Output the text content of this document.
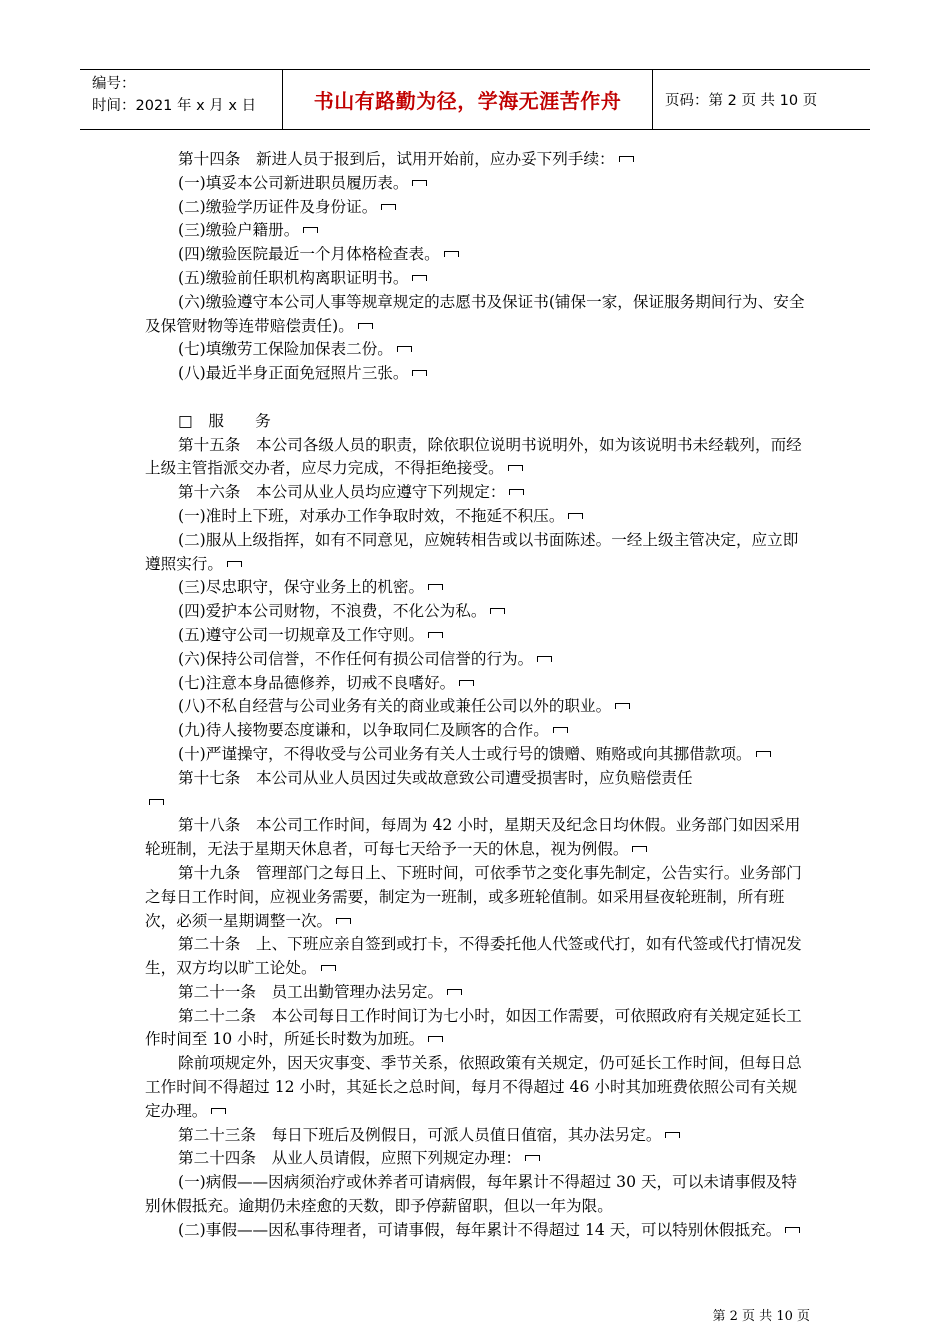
编号：
时间：2021 年 x 月 x 日	书山有路勤为径，学海无涯苦作舟	页码：第 2 页 共 10 页

第十四条　新进人员于报到后，试用开始前，应办妥下列手续：

(一)填妥本公司新进职员履历表。

(二)缴验学历证件及身份证。

(三)缴验户籍册。

(四)缴验医院最近一个月体格检查表。

(五)缴验前任职机构离职证明书。

(六)缴验遵守本公司人事等规章规定的志愿书及保证书(铺保一家，保证服务期间行为、安全及保管财物等连带赔偿责任)。

(七)填缴劳工保险加保表二份。

(八)最近半身正面免冠照片三张。

□　服　　务

第十五条　本公司各级人员的职责，除依职位说明书说明外，如为该说明书未经载列，而经上级主管指派交办者，应尽力完成，不得拒绝接受。

第十六条　本公司从业人员均应遵守下列规定：

(一)准时上下班，对承办工作争取时效，不拖延不积压。

(二)服从上级指挥，如有不同意见，应婉转相告或以书面陈述。一经上级主管决定，应立即遵照实行。

(三)尽忠职守，保守业务上的机密。

(四)爱护本公司财物，不浪费，不化公为私。

(五)遵守公司一切规章及工作守则。

(六)保持公司信誉，不作任何有损公司信誉的行为。

(七)注意本身品德修养，切戒不良嗜好。

(八)不私自经营与公司业务有关的商业或兼任公司以外的职业。

(九)待人接物要态度谦和，以争取同仁及顾客的合作。

(十)严谨操守，不得收受与公司业务有关人士或行号的馈赠、贿赂或向其挪借款项。

第十七条　本公司从业人员因过失或故意致公司遭受损害时，应负赔偿责任

第十八条　本公司工作时间，每周为 42 小时，星期天及纪念日均休假。业务部门如因采用轮班制，无法于星期天休息者，可每七天给予一天的休息，视为例假。

第十九条　管理部门之每日上、下班时间，可依季节之变化事先制定，公告实行。业务部门之每日工作时间，应视业务需要，制定为一班制，或多班轮值制。如采用昼夜轮班制，所有班次，必须一星期调整一次。

第二十条　上、下班应亲自签到或打卡，不得委托他人代签或代打，如有代签或代打情况发生，双方均以旷工论处。

第二十一条　员工出勤管理办法另定。

第二十二条　本公司每日工作时间订为七小时，如因工作需要，可依照政府有关规定延长工作时间至 10 小时，所延长时数为加班。

除前项规定外，因天灾事变、季节关系，依照政策有关规定，仍可延长工作时间，但每日总工作时间不得超过 12 小时，其延长之总时间，每月不得超过 46 小时其加班费依照公司有关规定办理。

第二十三条　每日下班后及例假日，可派人员值日值宿，其办法另定。

第二十四条　从业人员请假，应照下列规定办理：

(一)病假——因病须治疗或休养者可请病假，每年累计不得超过 30 天，可以未请事假及特别休假抵充。逾期仍未痊愈的天数，即予停薪留职，但以一年为限。

(二)事假——因私事待理者，可请事假，每年累计不得超过 14 天，可以特别休假抵充。

第 2 页 共 10 页
